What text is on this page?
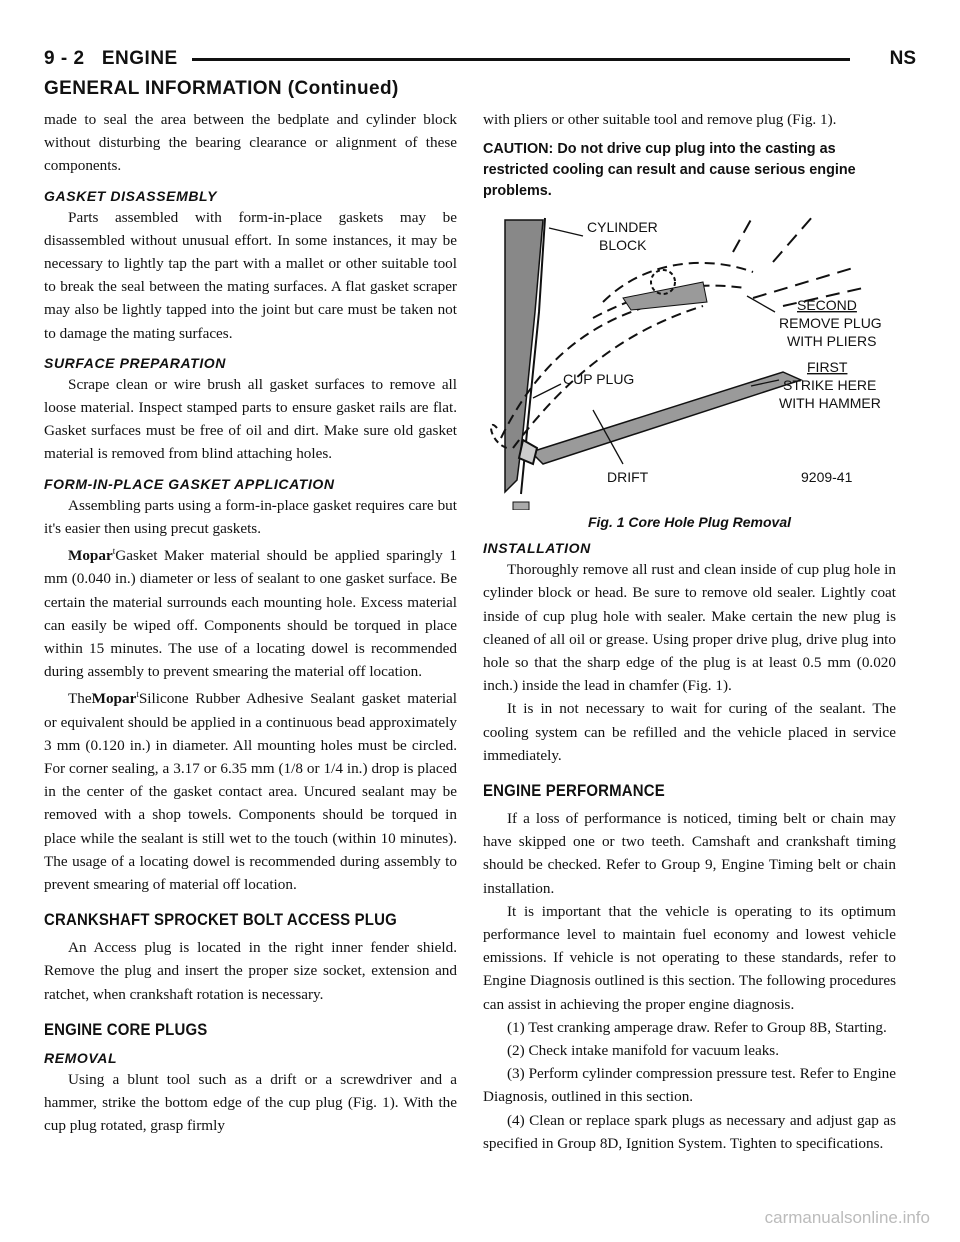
9 - 2 ENGINE	NS
GENERAL INFORMATION (Continued)

made to seal the area between the bedplate and cylinder block without disturbing the bearing clearance or alignment of these components.

GASKET DISASSEMBLY

Parts assembled with form-in-place gaskets may be disassembled without unusual effort. In some instances, it may be necessary to lightly tap the part with a mallet or other suitable tool to break the seal between the mating surfaces. A flat gasket scraper may also be lightly tapped into the joint but care must be taken not to damage the mating surfaces.

SURFACE PREPARATION

Scrape clean or wire brush all gasket surfaces to remove all loose material. Inspect stamped parts to ensure gasket rails are flat. Gasket surfaces must be free of oil and dirt. Make sure old gasket material is removed from blind attaching holes.

FORM-IN-PLACE GASKET APPLICATION

Assembling parts using a form-in-place gasket requires care but it's easier then using precut gaskets.

Mopar$^t$Gasket Maker material should be applied sparingly 1 mm (0.040 in.) diameter or less of sealant to one gasket surface. Be certain the material surrounds each mounting hole. Excess material can easily be wiped off. Components should be torqued in place within 15 minutes. The use of a locating dowel is recommended during assembly to prevent smearing the material off location.

TheMopar$^t$Silicone Rubber Adhesive Sealant gasket material or equivalent should be applied in a continuous bead approximately 3 mm (0.120 in.) in diameter. All mounting holes must be circled. For corner sealing, a 3.17 or 6.35 mm (1/8 or 1/4 in.) drop is placed in the center of the gasket contact area. Uncured sealant may be removed with a shop towels. Components should be torqued in place while the sealant is still wet to the touch (within 10 minutes). The usage of a locating dowel is recommended during assembly to prevent smearing of material off location.

CRANKSHAFT SPROCKET BOLT ACCESS PLUG

An Access plug is located in the right inner fender shield. Remove the plug and insert the proper size socket, extension and ratchet, when crankshaft rotation is necessary.

ENGINE CORE PLUGS
REMOVAL

Using a blunt tool such as a drift or a screwdriver and a hammer, strike the bottom edge of the cup plug (Fig. 1). With the cup plug rotated, grasp firmly

with pliers or other suitable tool and remove plug (Fig. 1).

CAUTION: Do not drive cup plug into the casting as restricted cooling can result and cause serious engine problems.
CYLINDER
BLOCK
SECOND
REMOVE PLUG
WITH PLIERS
CUP PLUG
FIRST
STRIKE HERE
WITH HAMMER
DRIFT	9209-41
Fig. 1 Core Hole Plug Removal
INSTALLATION

Thoroughly remove all rust and clean inside of cup plug hole in cylinder block or head. Be sure to remove old sealer. Lightly coat inside of cup plug hole with sealer. Make certain the new plug is cleaned of all oil or grease. Using proper drive plug, drive plug into hole so that the sharp edge of the plug is at least 0.5 mm (0.020 inch.) inside the lead in chamfer (Fig. 1).

It is in not necessary to wait for curing of the sealant. The cooling system can be refilled and the vehicle placed in service immediately.

ENGINE PERFORMANCE

If a loss of performance is noticed, timing belt or chain may have skipped one or two teeth. Camshaft and crankshaft timing should be checked. Refer to Group 9, Engine Timing belt or chain installation.

It is important that the vehicle is operating to its optimum performance level to maintain fuel economy and lowest vehicle emissions. If vehicle is not operating to these standards, refer to Engine Diagnosis outlined is this section. The following procedures can assist in achieving the proper engine diagnosis.

(1) Test cranking amperage draw. Refer to Group 8B, Starting.

(2) Check intake manifold for vacuum leaks.

(3) Perform cylinder compression pressure test. Refer to Engine Diagnosis, outlined in this section.

(4) Clean or replace spark plugs as necessary and adjust gap as specified in Group 8D, Ignition System. Tighten to specifications.

carmanualsonline.info
